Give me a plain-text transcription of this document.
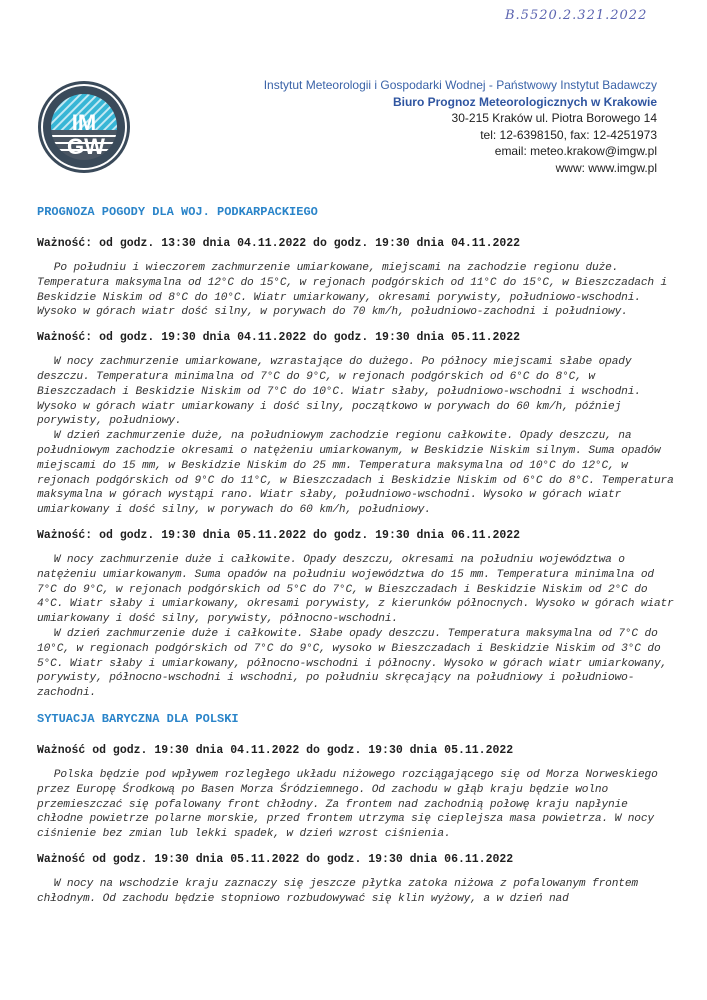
B.5520.2.321.2022
IM
GW
Instytut Meteorologii i Gospodarki Wodnej - Państwowy Instytut Badawczy
Biuro Prognoz Meteorologicznych w Krakowie
30-215 Kraków ul. Piotra Borowego 14
tel: 12-6398150, fax: 12-4251973
email: meteo.krakow@imgw.pl
www: www.imgw.pl
PROGNOZA POGODY DLA WOJ. PODKARPACKIEGO
Ważność: od godz. 13:30 dnia 04.11.2022 do godz. 19:30 dnia 04.11.2022

Po południu i wieczorem zachmurzenie umiarkowane, miejscami na zachodzie regionu duże. Temperatura maksymalna od 12°C do 15°C, w rejonach podgórskich od 11°C do 15°C, w Bieszczadach i Beskidzie Niskim od 8°C do 10°C. Wiatr umiarkowany, okresami porywisty, południowo-wschodni. Wysoko w górach wiatr dość silny, w porywach do 70 km/h, południowo-zachodni i południowy.

Ważność: od godz. 19:30 dnia 04.11.2022 do godz. 19:30 dnia 05.11.2022

W nocy zachmurzenie umiarkowane, wzrastające do dużego. Po północy miejscami słabe opady deszczu. Temperatura minimalna od 7°C do 9°C, w rejonach podgórskich od 6°C do 8°C, w Bieszczadach i Beskidzie Niskim od 7°C do 10°C. Wiatr słaby, południowo-wschodni i wschodni. Wysoko w górach wiatr umiarkowany i dość silny, początkowo w porywach do 60 km/h, później porywisty, południowy.

W dzień zachmurzenie duże, na południowym zachodzie regionu całkowite. Opady deszczu, na południowym zachodzie okresami o natężeniu umiarkowanym, w Beskidzie Niskim silnym. Suma opadów miejscami do 15 mm, w Beskidzie Niskim do 25 mm. Temperatura maksymalna od 10°C do 12°C, w rejonach podgórskich od 9°C do 11°C, w Bieszczadach i Beskidzie Niskim od 6°C do 8°C. Temperatura maksymalna w górach wystąpi rano. Wiatr słaby, południowo-wschodni. Wysoko w górach wiatr umiarkowany i dość silny, w porywach do 60 km/h, południowy.

Ważność: od godz. 19:30 dnia 05.11.2022 do godz. 19:30 dnia 06.11.2022

W nocy zachmurzenie duże i całkowite. Opady deszczu, okresami na południu województwa o natężeniu umiarkowanym. Suma opadów na południu województwa do 15 mm. Temperatura minimalna od 7°C do 9°C, w rejonach podgórskich od 5°C do 7°C, w Bieszczadach i Beskidzie Niskim od 2°C do 4°C. Wiatr słaby i umiarkowany, okresami porywisty, z kierunków północnych. Wysoko w górach wiatr umiarkowany i dość silny, porywisty, północno-wschodni.

W dzień zachmurzenie duże i całkowite. Słabe opady deszczu. Temperatura maksymalna od 7°C do 10°C, w regionach podgórskich od 7°C do 9°C, wysoko w Bieszczadach i Beskidzie Niskim od 3°C do 5°C. Wiatr słaby i umiarkowany, północno-wschodni i północny. Wysoko w górach wiatr umiarkowany, porywisty, północno-wschodni i wschodni, po południu skręcający na południowy i południowo-zachodni.

SYTUACJA BARYCZNA DLA POLSKI
Ważność od godz. 19:30 dnia 04.11.2022 do godz. 19:30 dnia 05.11.2022

Polska będzie pod wpływem rozległego układu niżowego rozciągającego się od Morza Norweskiego przez Europę Środkową po Basen Morza Śródziemnego. Od zachodu w głąb kraju będzie wolno przemieszczać się pofalowany front chłodny. Za frontem nad zachodnią połowę kraju napłynie chłodne powietrze polarne morskie, przed frontem utrzyma się cieplejsza masa powietrza. W nocy ciśnienie bez zmian lub lekki spadek, w dzień wzrost ciśnienia.

Ważność od godz. 19:30 dnia 05.11.2022 do godz. 19:30 dnia 06.11.2022

W nocy na wschodzie kraju zaznaczy się jeszcze płytka zatoka niżowa z pofalowanym frontem chłodnym. Od zachodu będzie stopniowo rozbudowywać się klin wyżowy, a w dzień nad
